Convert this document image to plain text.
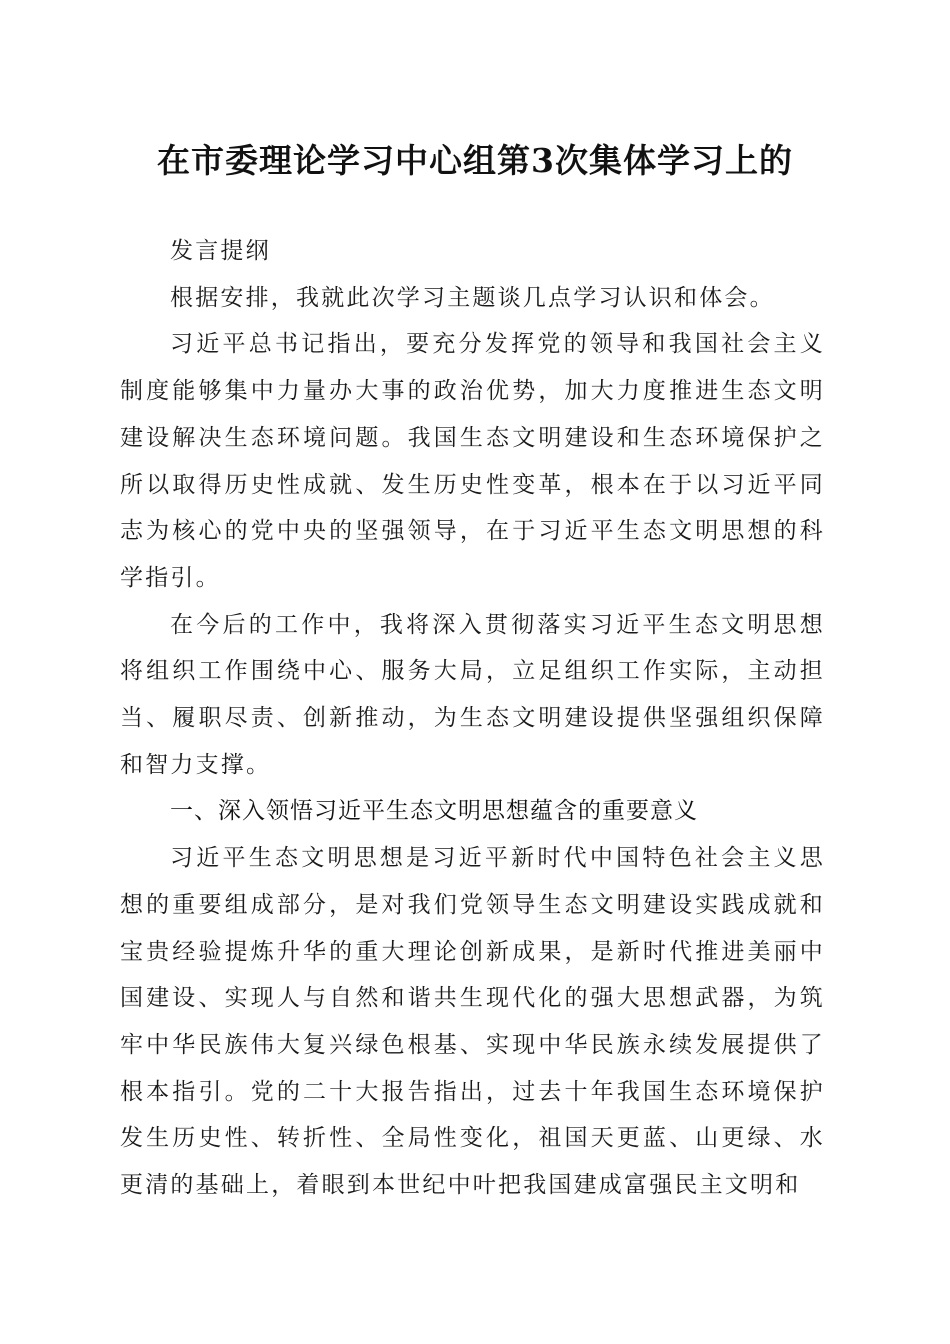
在市委理论学习中心组第3次集体学习上的

发言提纲

根据安排，我就此次学习主题谈几点学习认识和体会。

习近平总书记指出，要充分发挥党的领导和我国社会主义制度能够集中力量办大事的政治优势，加大力度推进生态文明建设解决生态环境问题。我国生态文明建设和生态环境保护之所以取得历史性成就、发生历史性变革，根本在于以习近平同志为核心的党中央的坚强领导，在于习近平生态文明思想的科学指引。

在今后的工作中，我将深入贯彻落实习近平生态文明思想将组织工作围绕中心、服务大局，立足组织工作实际，主动担当、履职尽责、创新推动，为生态文明建设提供坚强组织保障和智力支撑。

一、深入领悟习近平生态文明思想蕴含的重要意义

习近平生态文明思想是习近平新时代中国特色社会主义思想的重要组成部分，是对我们党领导生态文明建设实践成就和宝贵经验提炼升华的重大理论创新成果，是新时代推进美丽中国建设、实现人与自然和谐共生现代化的强大思想武器，为筑牢中华民族伟大复兴绿色根基、实现中华民族永续发展提供了根本指引。党的二十大报告指出，过去十年我国生态环境保护发生历史性、转折性、全局性变化，祖国天更蓝、山更绿、水更清的基础上，着眼到本世纪中叶把我国建成富强民主文明和
